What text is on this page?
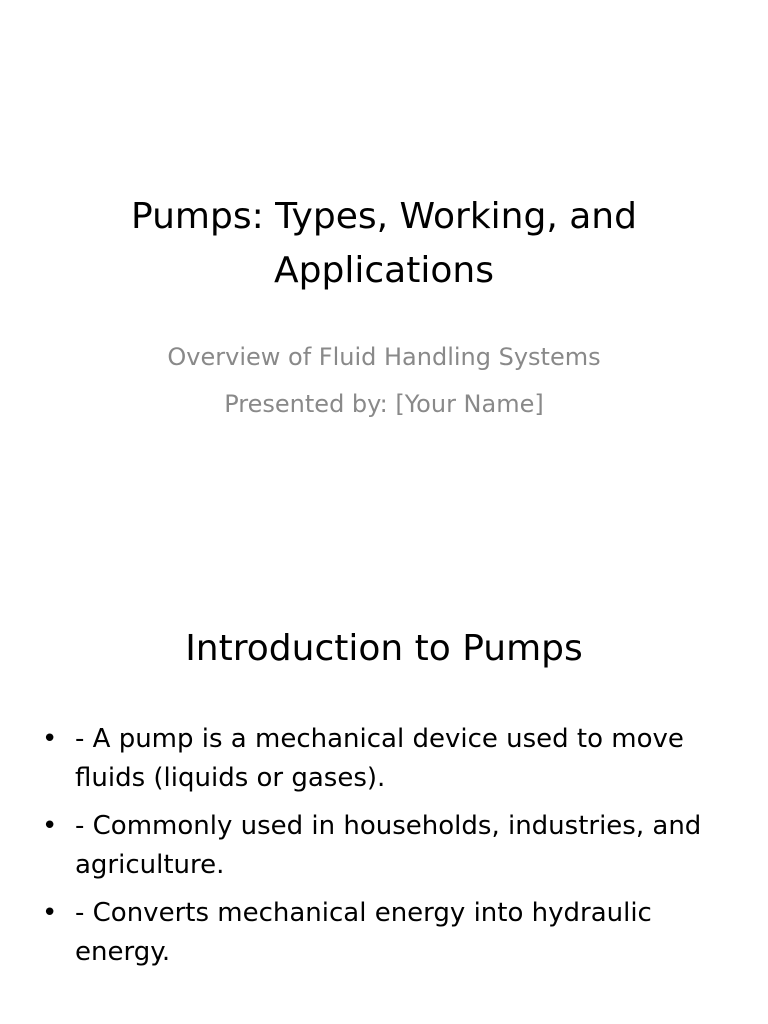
Pumps: Types, Working, and
Applications
Overview of Fluid Handling Systems
Presented by: [Your Name]
Introduction to Pumps
• - A pump is a mechanical device used to move fluids (liquids or gases).
• - Commonly used in households, industries, and agriculture.
• - Converts mechanical energy into hydraulic energy.
